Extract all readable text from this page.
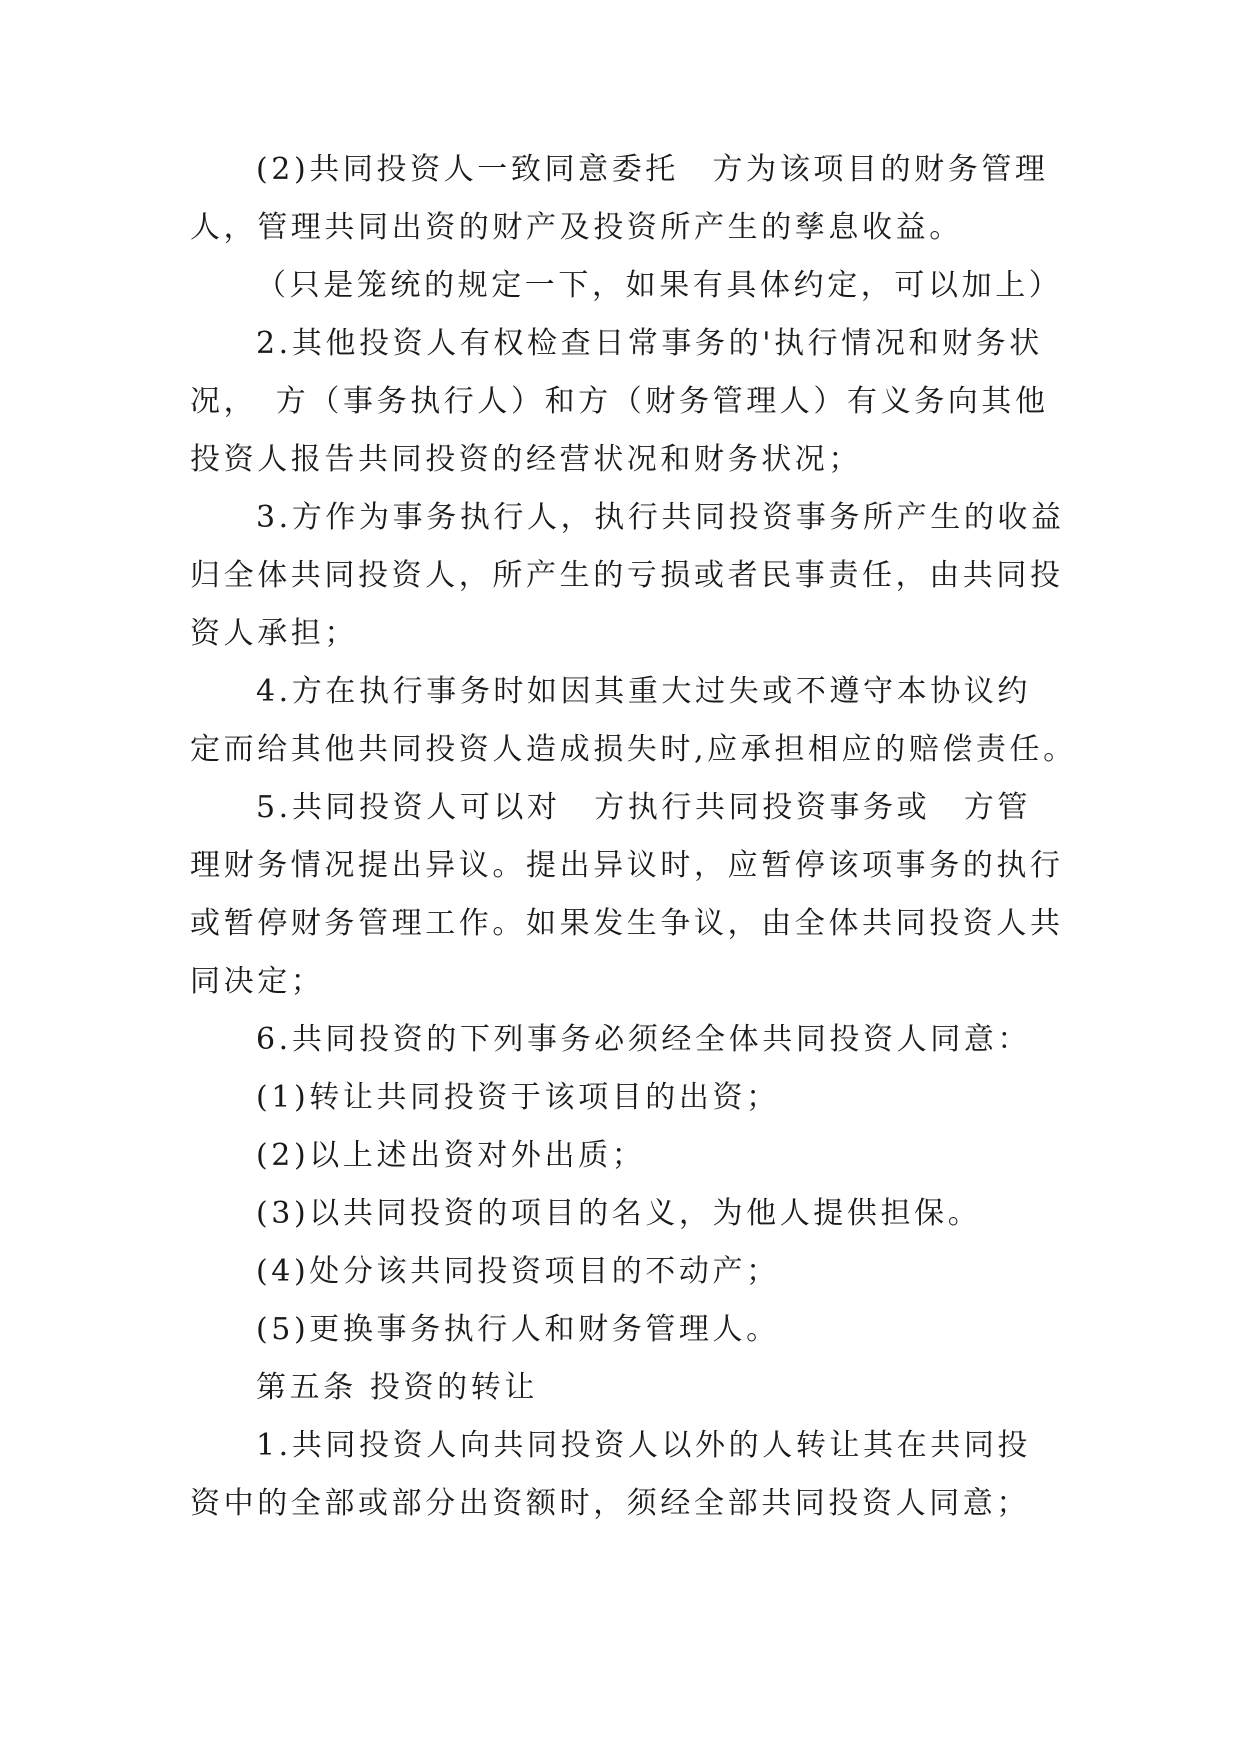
(2)共同投资人一致同意委托　方为该项目的财务管理
人，管理共同出资的财产及投资所产生的孳息收益。
（只是笼统的规定一下，如果有具体约定，可以加上）
2.其他投资人有权检查日常事务的'执行情况和财务状
况，　方（事务执行人）和方（财务管理人）有义务向其他
投资人报告共同投资的经营状况和财务状况；
3.方作为事务执行人，执行共同投资事务所产生的收益
归全体共同投资人，所产生的亏损或者民事责任，由共同投
资人承担；
4.方在执行事务时如因其重大过失或不遵守本协议约
定而给其他共同投资人造成损失时,应承担相应的赔偿责任。
5.共同投资人可以对　方执行共同投资事务或　方管
理财务情况提出异议。提出异议时，应暂停该项事务的执行
或暂停财务管理工作。如果发生争议，由全体共同投资人共
同决定；
6.共同投资的下列事务必须经全体共同投资人同意：
(1)转让共同投资于该项目的出资；
(2)以上述出资对外出质；
(3)以共同投资的项目的名义，为他人提供担保。
(4)处分该共同投资项目的不动产；
(5)更换事务执行人和财务管理人。
第五条 投资的转让
1.共同投资人向共同投资人以外的人转让其在共同投
资中的全部或部分出资额时，须经全部共同投资人同意；
